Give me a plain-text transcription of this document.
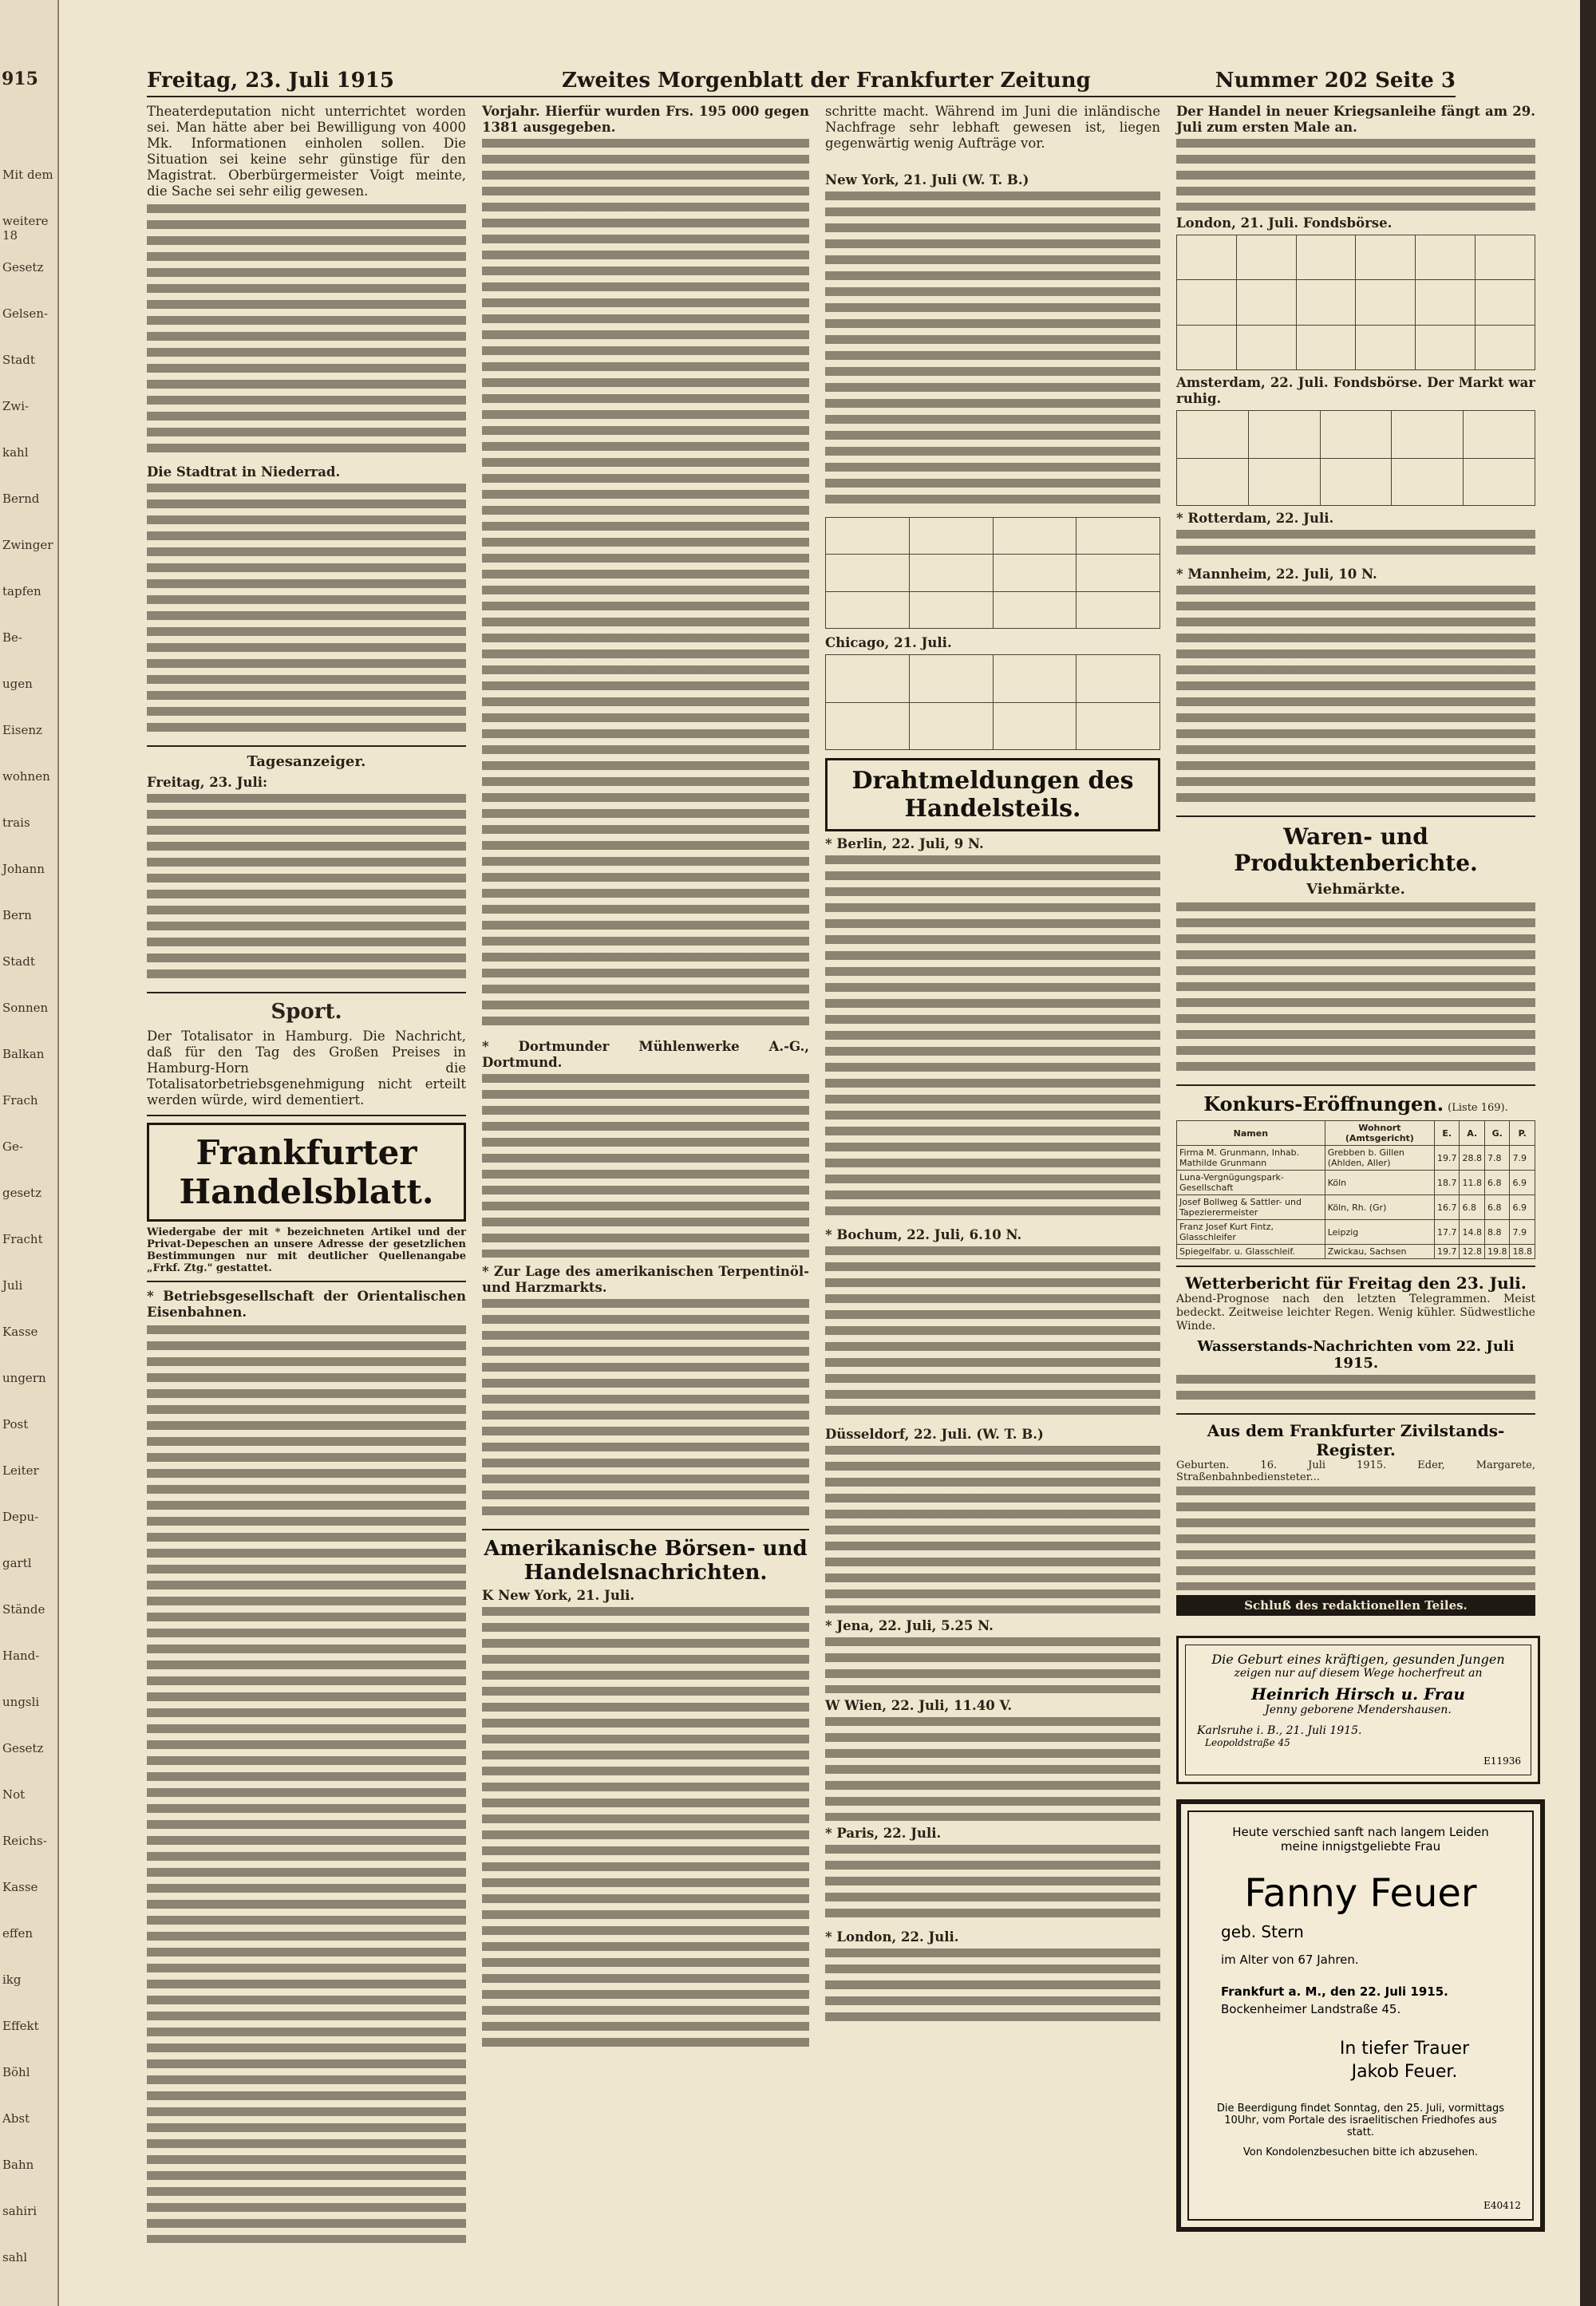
915
Mit dem
weitere 18
Gesetz
Gelsen-
Stadt
Zwi-
kahl
Bernd
Zwinger
tapfen
Be-
ugen
Eisenz
wohnen
trais
Johann
Bern
Stadt
Sonnen
Balkan
Frach
Ge-
gesetz
Fracht
Juli
Kasse
ungern
Post
Leiter
Depu-
gartl
Stände
Hand-
ungsli
Gesetz
Not
Reichs-
Kasse
effen
ikg
Effekt
Böhl
Abst
Bahn
sahiri
sahl
Freitag, 23. Juli 1915	Zweites Morgenblatt der Frankfurter Zeitung	Nummer 202 Seite 3
Theaterdeputation nicht unterrichtet worden sei. Man hätte aber bei Bewilligung von 4000 Mk. Informationen einholen sollen. Die Situation sei keine sehr günstige für den Magistrat. Oberbürgermeister Voigt meinte, die Sache sei sehr eilig gewesen.
Die Stadtrat in Niederrad.
Tagesanzeiger.
Freitag, 23. Juli:
Sport.
Der Totalisator in Hamburg. Die Nachricht, daß für den Tag des Großen Preises in Hamburg-Horn die Totalisatorbetriebsgenehmigung nicht erteilt werden würde, wird dementiert.
Frankfurter Handelsblatt.
Wiedergabe der mit * bezeichneten Artikel und der Privat-Depeschen an unsere Adresse der gesetzlichen Bestimmungen nur mit deutlicher Quellenangabe „Frkf. Ztg." gestattet.
* Betriebsgesellschaft der Orientalischen Eisenbahnen.
Vorjahr. Hierfür wurden Frs. 195 000 gegen 1381 ausgegeben.
* Dortmunder Mühlenwerke A.-G., Dortmund.
* Zur Lage des amerikanischen Terpentinöl- und Harzmarkts.
Amerikanische Börsen- und Handelsnachrichten.
K New York, 21. Juli.
schritte macht. Während im Juni die inländische Nachfrage sehr lebhaft gewesen ist, liegen gegenwärtig wenig Aufträge vor.
New York, 21. Juli (W. T. B.)

Chicago, 21. Juli.

Drahtmeldungen des Handelsteils.
* Berlin, 22. Juli, 9 N.
* Bochum, 22. Juli, 6.10 N.
Düsseldorf, 22. Juli. (W. T. B.)
* Jena, 22. Juli, 5.25 N.
W Wien, 22. Juli, 11.40 V.
* Paris, 22. Juli.
* London, 22. Juli.
Der Handel in neuer Kriegsanleihe fängt am 29. Juli zum ersten Male an.
London, 21. Juli. Fondsbörse.

Amsterdam, 22. Juli. Fondsbörse. Der Markt war ruhig.

* Rotterdam, 22. Juli.
* Mannheim, 22. Juli, 10 N.
Waren- und Produktenberichte.
Viehmärkte.
Konkurs-Eröffnungen. (Liste 169).
Namen	Wohnort (Amtsgericht)	E.	A.	G.	P.
Firma M. Grunmann, Inhab. Mathilde Grunmann	Grebben b. Gillen (Ahlden, Aller)	19.7	28.8	7.8	7.9
Luna-Vergnügungspark-Gesellschaft	Köln	18.7	11.8	6.8	6.9
Josef Bollweg & Sattler- und Tapezierermeister	Köln, Rh. (Gr)	16.7	6.8	6.8	6.9
Franz Josef Kurt Fintz, Glasschleifer	Leipzig	17.7	14.8	8.8	7.9
Spiegelfabr. u. Glasschleif.	Zwickau, Sachsen	19.7	12.8	19.8	18.8
Wetterbericht für Freitag den 23. Juli.
Abend-Prognose nach den letzten Telegrammen. Meist bedeckt. Zeitweise leichter Regen. Wenig kühler. Südwestliche Winde.
Wasserstands-Nachrichten vom 22. Juli 1915.
Aus dem Frankfurter Zivilstands-Register.
Geburten. 16. Juli 1915. Eder, Margarete, Straßenbahnbediensteter...
Schluß des redaktionellen Teiles.
Die Geburt eines kräftigen, gesunden Jungen
zeigen nur auf diesem Wege hocherfreut an
Heinrich Hirsch u. Frau
Jenny geborene Mendershausen.
Karlsruhe i. B., 21. Juli 1915.
Leopoldstraße 45
E11936
Heute verschied sanft nach langem Leiden
meine innigstgeliebte Frau
Fanny Feuer
geb. Stern
im Alter von 67 Jahren.
Frankfurt a. M., den 22. Juli 1915.
Bockenheimer Landstraße 45.
In tiefer Trauer
Jakob Feuer.
Die Beerdigung findet Sonntag, den 25. Juli, vormittags 10Uhr, vom Portale des israelitischen Friedhofes aus statt.
Von Kondolenzbesuchen bitte ich abzusehen.
E40412
